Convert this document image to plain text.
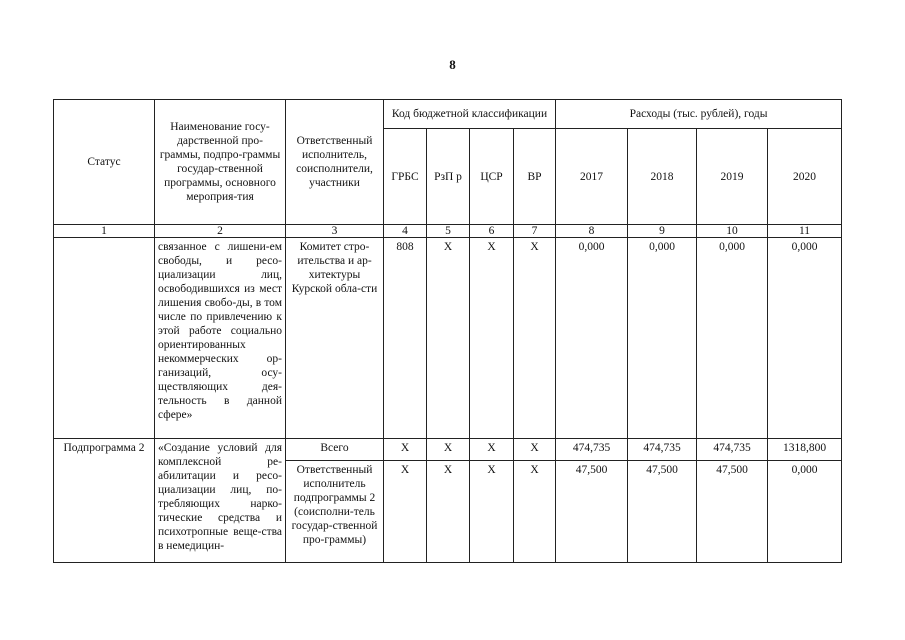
8
Статус	Наименование госу-дарственной про-граммы, подпро-граммы государ-ственной программы, основного мероприя-тия	Ответственный исполнитель, соисполнители, участники	Код бюджетной классификации				Расходы (тыс. рублей), годы			
			ГРБС	РзП р	ЦСР	ВР	2017	2018	2019	2020
1	2	3	4	5	6	7	8	9	10	11
	связанное с лишени-ем свободы, и ресо-циализации лиц, освободившихся из мест лишения свобо-ды, в том числе по привлечению к этой работе социально ориентированных некоммерческих ор-ганизаций, осу-ществляющих дея-тельность в данной сфере»	Комитет стро-ительства и ар-хитектуры Курской обла-сти	808	X	X	X	0,000	0,000	0,000	0,000
Подпрограмма 2	«Создание условий для комплексной ре-абилитации и ресо-циализации лиц, по-требляющих нарко-тические средства и психотропные веще-ства в немедицин-	Всего	X	X	X	X	474,735	474,735	474,735	1318,800
		Ответственный исполнитель подпрограммы 2 (соисполни-тель государ-ственной про-граммы)	X	X	X	X	47,500	47,500	47,500	0,000
